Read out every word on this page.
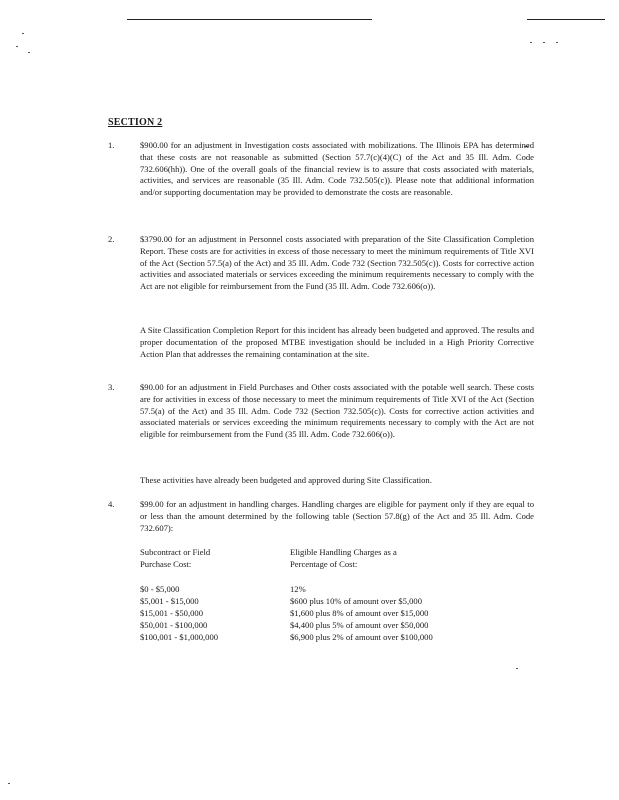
SECTION 2
1.	$900.00 for an adjustment in Investigation costs associated with mobilizations. The Illinois EPA has determined that these costs are not reasonable as submitted (Section 57.7(c)(4)(C) of the Act and 35 Ill. Adm. Code 732.606(hh)). One of the overall goals of the financial review is to assure that costs associated with materials, activities, and services are reasonable (35 Ill. Adm. Code 732.505(c)). Please note that additional information and/or supporting documentation may be provided to demonstrate the costs are reasonable.

2.	$3790.00 for an adjustment in Personnel costs associated with preparation of the Site Classification Completion Report. These costs are for activities in excess of those necessary to meet the minimum requirements of Title XVI of the Act (Section 57.5(a) of the Act) and 35 Ill. Adm. Code 732 (Section 732.505(c)). Costs for corrective action activities and associated materials or services exceeding the minimum requirements necessary to comply with the Act are not eligible for reimbursement from the Fund (35 Ill. Adm. Code 732.606(o)).

A Site Classification Completion Report for this incident has already been budgeted and approved. The results and proper documentation of the proposed MTBE investigation should be included in a High Priority Corrective Action Plan that addresses the remaining contamination at the site.

3.	$90.00 for an adjustment in Field Purchases and Other costs associated with the potable well search. These costs are for activities in excess of those necessary to meet the minimum requirements of Title XVI of the Act (Section 57.5(a) of the Act) and 35 Ill. Adm. Code 732 (Section 732.505(c)). Costs for corrective action activities and associated materials or services exceeding the minimum requirements necessary to comply with the Act are not eligible for reimbursement from the Fund (35 Ill. Adm. Code 732.606(o)).

These activities have already been budgeted and approved during Site Classification.

4.	$99.00 for an adjustment in handling charges. Handling charges are eligible for payment only if they are equal to or less than the amount determined by the following table (Section 57.8(g) of the Act and 35 Ill. Adm. Code 732.607):

Subcontract or Field	Eligible Handling Charges as a
Purchase Cost:	Percentage of Cost:
$0 - $5,000	12%
$5,001 - $15,000	$600 plus 10% of amount over $5,000
$15,001 - $50,000	$1,600 plus 8% of amount over $15,000
$50,001 - $100,000	$4,400 plus 5% of amount over $50,000
$100,001 - $1,000,000	$6,900 plus 2% of amount over $100,000
